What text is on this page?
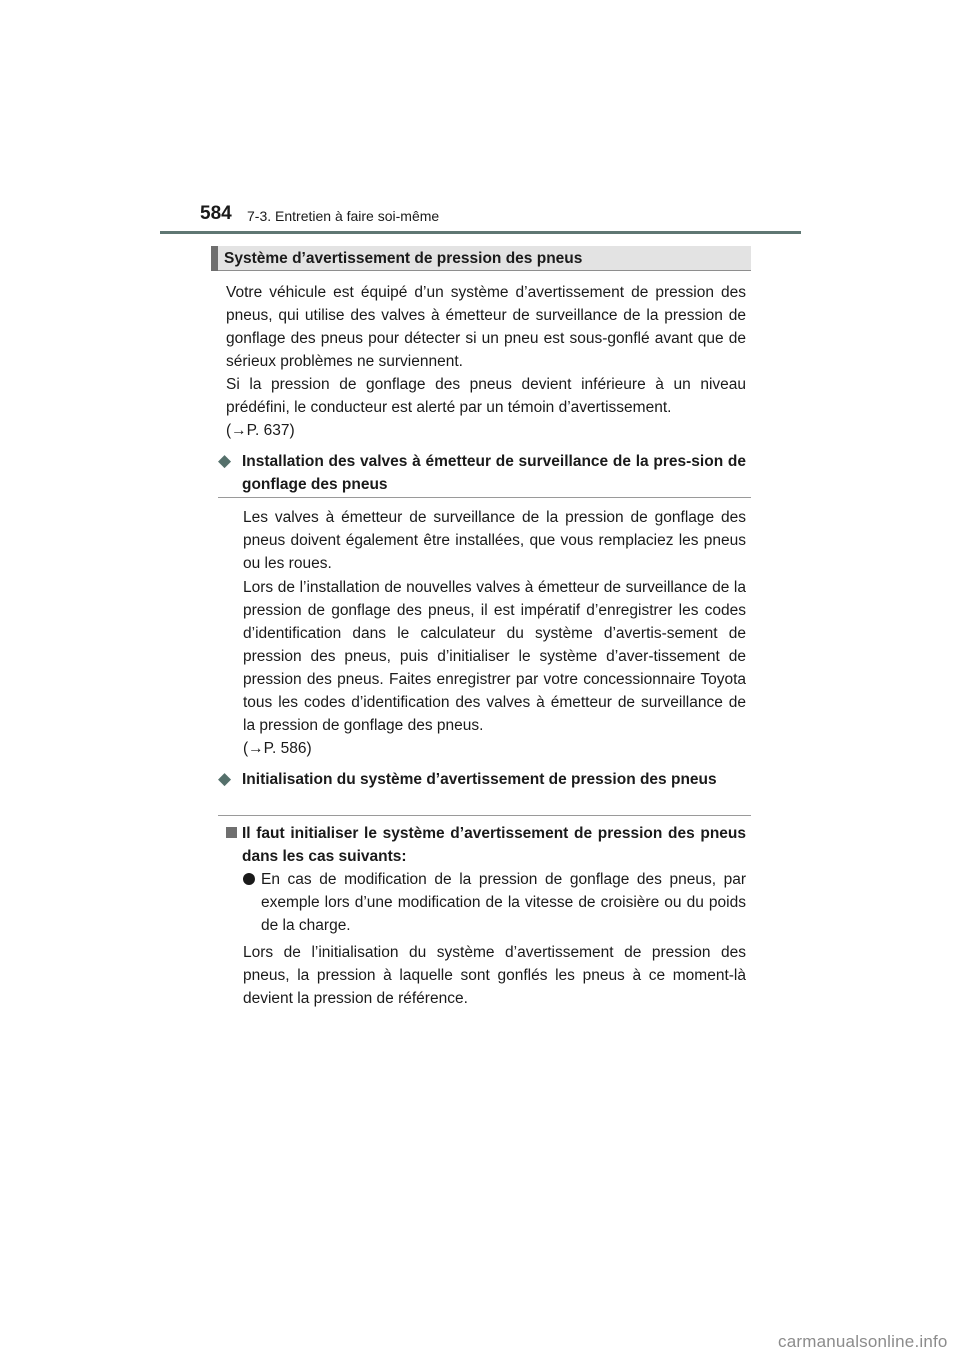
584 7-3. Entretien à faire soi-même
Système d’avertissement de pression des pneus

Votre véhicule est équipé d’un système d’avertissement de pression des pneus, qui utilise des valves à émetteur de surveillance de la pression de gonflage des pneus pour détecter si un pneu est sous-gonflé avant que de sérieux problèmes ne surviennent.

Si la pression de gonflage des pneus devient inférieure à un niveau prédéfini, le conducteur est alerté par un témoin d’avertissement.

(→P. 637)
◆ Installation des valves à émetteur de surveillance de la pres-sion de gonflage des pneus

Les valves à émetteur de surveillance de la pression de gonflage des pneus doivent également être installées, que vous remplaciez les pneus ou les roues.

Lors de l’installation de nouvelles valves à émetteur de surveillance de la pression de gonflage des pneus, il est impératif d’enregistrer les codes d’identification dans le calculateur du système d’avertis-sement de pression des pneus, puis d’initialiser le système d’aver-tissement de pression des pneus. Faites enregistrer par votre concessionnaire Toyota tous les codes d’identification des valves à émetteur de surveillance de la pression de gonflage des pneus.

(→P. 586)
◆ Initialisation du système d’avertissement de pression des pneus

Il faut initialiser le système d’avertissement de pression des pneus dans les cas suivants:

En cas de modification de la pression de gonflage des pneus, par exemple lors d’une modification de la vitesse de croisière ou du poids de la charge.

Lors de l’initialisation du système d’avertissement de pression des pneus, la pression à laquelle sont gonflés les pneus à ce moment-là devient la pression de référence.

carmanualsonline.info
